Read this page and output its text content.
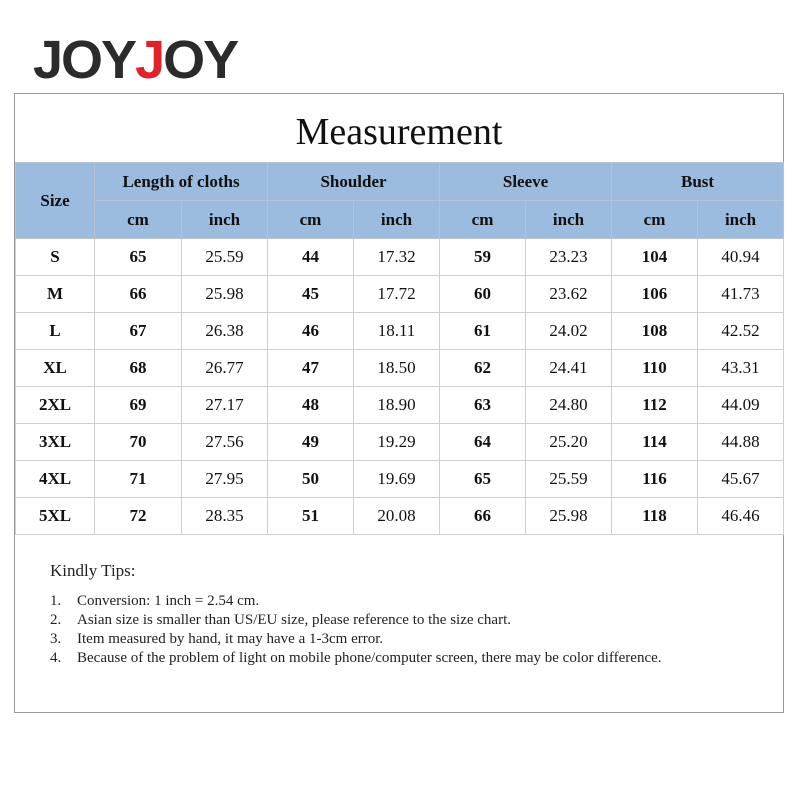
JOY J OY
Measurement
Size	Length of cloths		Shoulder		Sleeve		Bust	
	cm	inch	cm	inch	cm	inch	cm	inch
S	65	25.59	44	17.32	59	23.23	104	40.94
M	66	25.98	45	17.72	60	23.62	106	41.73
L	67	26.38	46	18.11	61	24.02	108	42.52
XL	68	26.77	47	18.50	62	24.41	110	43.31
2XL	69	27.17	48	18.90	63	24.80	112	44.09
3XL	70	27.56	49	19.29	64	25.20	114	44.88
4XL	71	27.95	50	19.69	65	25.59	116	45.67
5XL	72	28.35	51	20.08	66	25.98	118	46.46
Kindly Tips:
1.	Conversion: 1 inch = 2.54 cm.
2.	Asian size is smaller than US/EU size, please reference to the size chart.
3.	Item measured by hand, it may have a 1-3cm error.
4.	Because of the problem of light on mobile phone/computer screen, there may be color difference.
